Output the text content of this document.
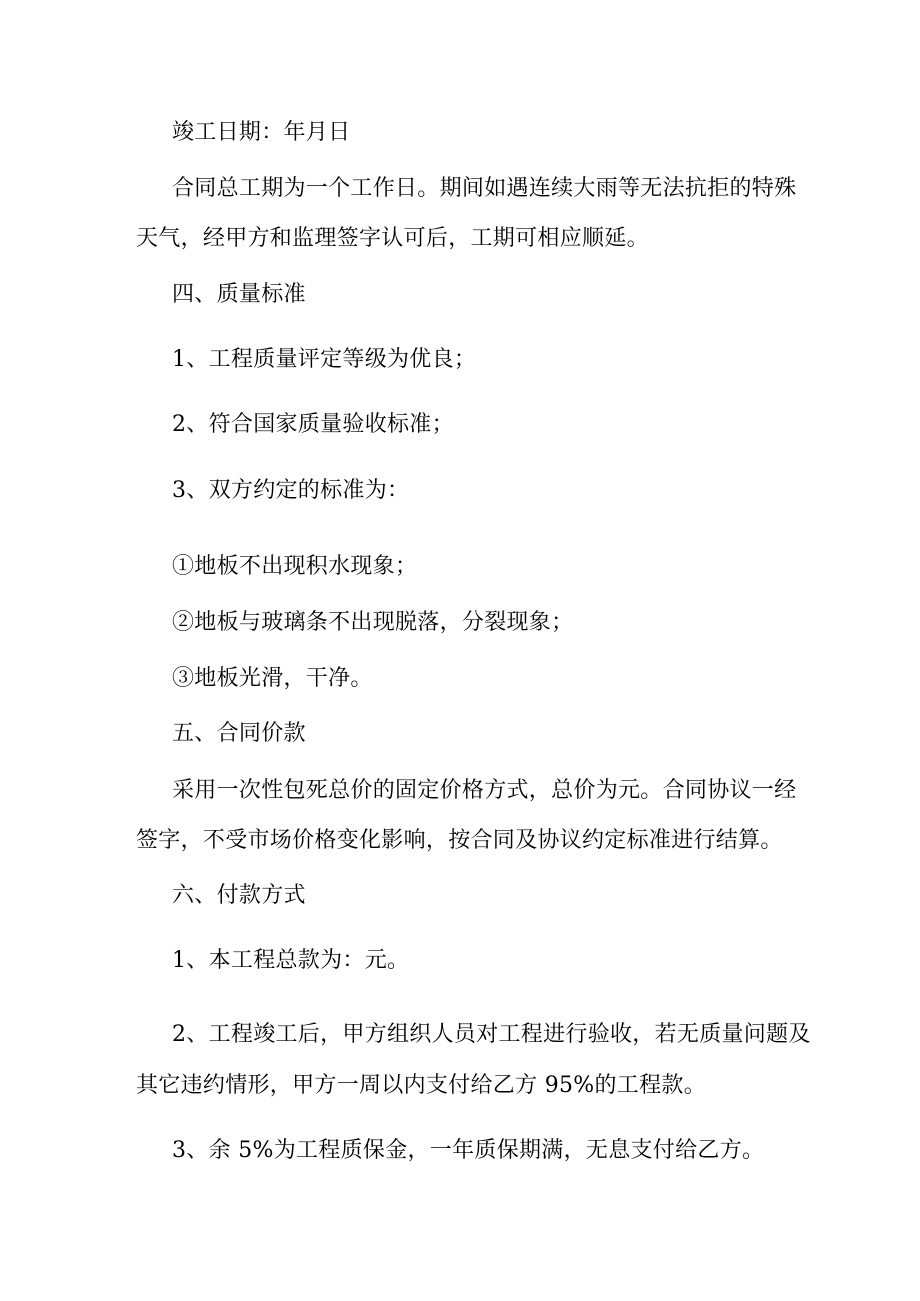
竣工日期：年月日
合同总工期为一个工作日。期间如遇连续大雨等无法抗拒的特殊
天气，经甲方和监理签字认可后，工期可相应顺延。
四、质量标准
1、工程质量评定等级为优良；
2、符合国家质量验收标准；
3、双方约定的标准为：
①地板不出现积水现象；
②地板与玻璃条不出现脱落，分裂现象；
③地板光滑，干净。
五、合同价款
采用一次性包死总价的固定价格方式，总价为元。合同协议一经
签字，不受市场价格变化影响，按合同及协议约定标准进行结算。
六、付款方式
1、本工程总款为：元。
2、工程竣工后，甲方组织人员对工程进行验收，若无质量问题及
其它违约情形，甲方一周以内支付给乙方 95%的工程款。
3、余 5%为工程质保金，一年质保期满，无息支付给乙方。
